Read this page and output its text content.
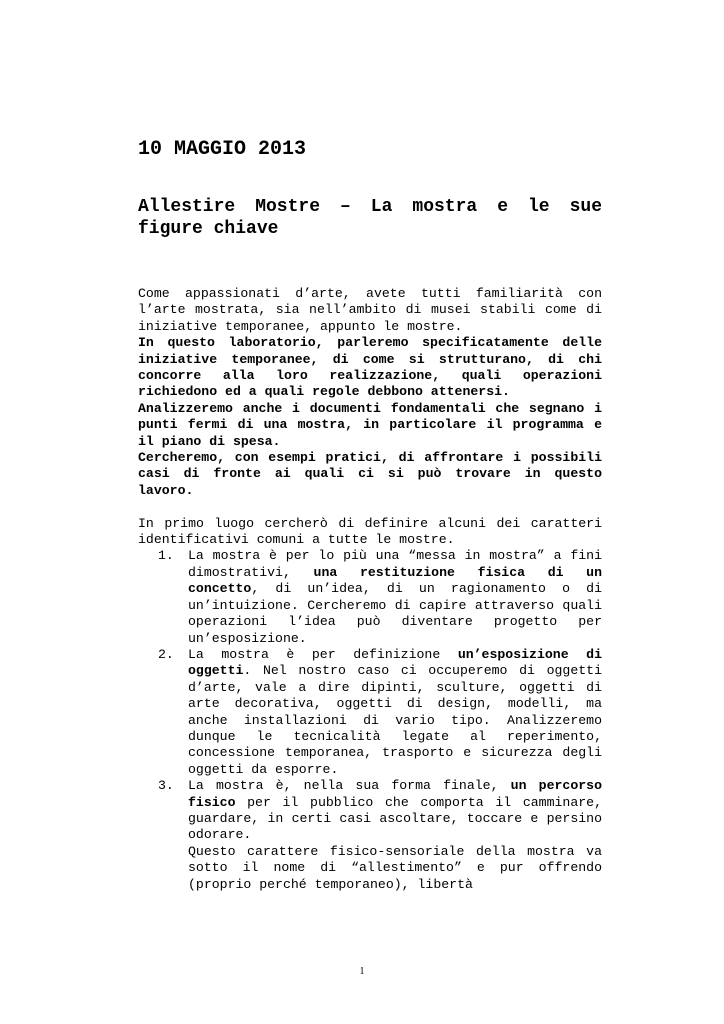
10 MAGGIO 2013
Allestire Mostre – La mostra e le sue figure chiave

Come appassionati d’arte, avete tutti familiarità con l’arte mostrata, sia nell’ambito di musei stabili come di iniziative temporanee, appunto le mostre.

In questo laboratorio, parleremo specificatamente delle iniziative temporanee, di come si strutturano, di chi concorre alla loro realizzazione, quali operazioni richiedono ed a quali regole debbono attenersi.

Analizzeremo anche i documenti fondamentali che segnano i punti fermi di una mostra, in particolare il programma e il piano di spesa.

Cercheremo, con esempi pratici, di affrontare i possibili casi di fronte ai quali ci si può trovare in questo lavoro.

In primo luogo cercherò di definire alcuni dei caratteri identificativi comuni a tutte le mostre.

1. La mostra è per lo più una “messa in mostra” a fini dimostrativi, una restituzione fisica di un concetto, di un’idea, di un ragionamento o di un’intuizione. Cercheremo di capire attraverso quali operazioni l’idea può diventare progetto per un’esposizione.
2. La mostra è per definizione un’esposizione di oggetti. Nel nostro caso ci occuperemo di oggetti d’arte, vale a dire dipinti, sculture, oggetti di arte decorativa, oggetti di design, modelli, ma anche installazioni di vario tipo. Analizzeremo dunque le tecnicalità legate al reperimento, concessione temporanea, trasporto e sicurezza degli oggetti da esporre.
3. La mostra è, nella sua forma finale, un percorso fisico per il pubblico che comporta il camminare, guardare, in certi casi ascoltare, toccare e persino odorare.
Questo carattere fisico-sensoriale della mostra va sotto il nome di “allestimento” e pur offrendo (proprio perché temporaneo), libertà
1
